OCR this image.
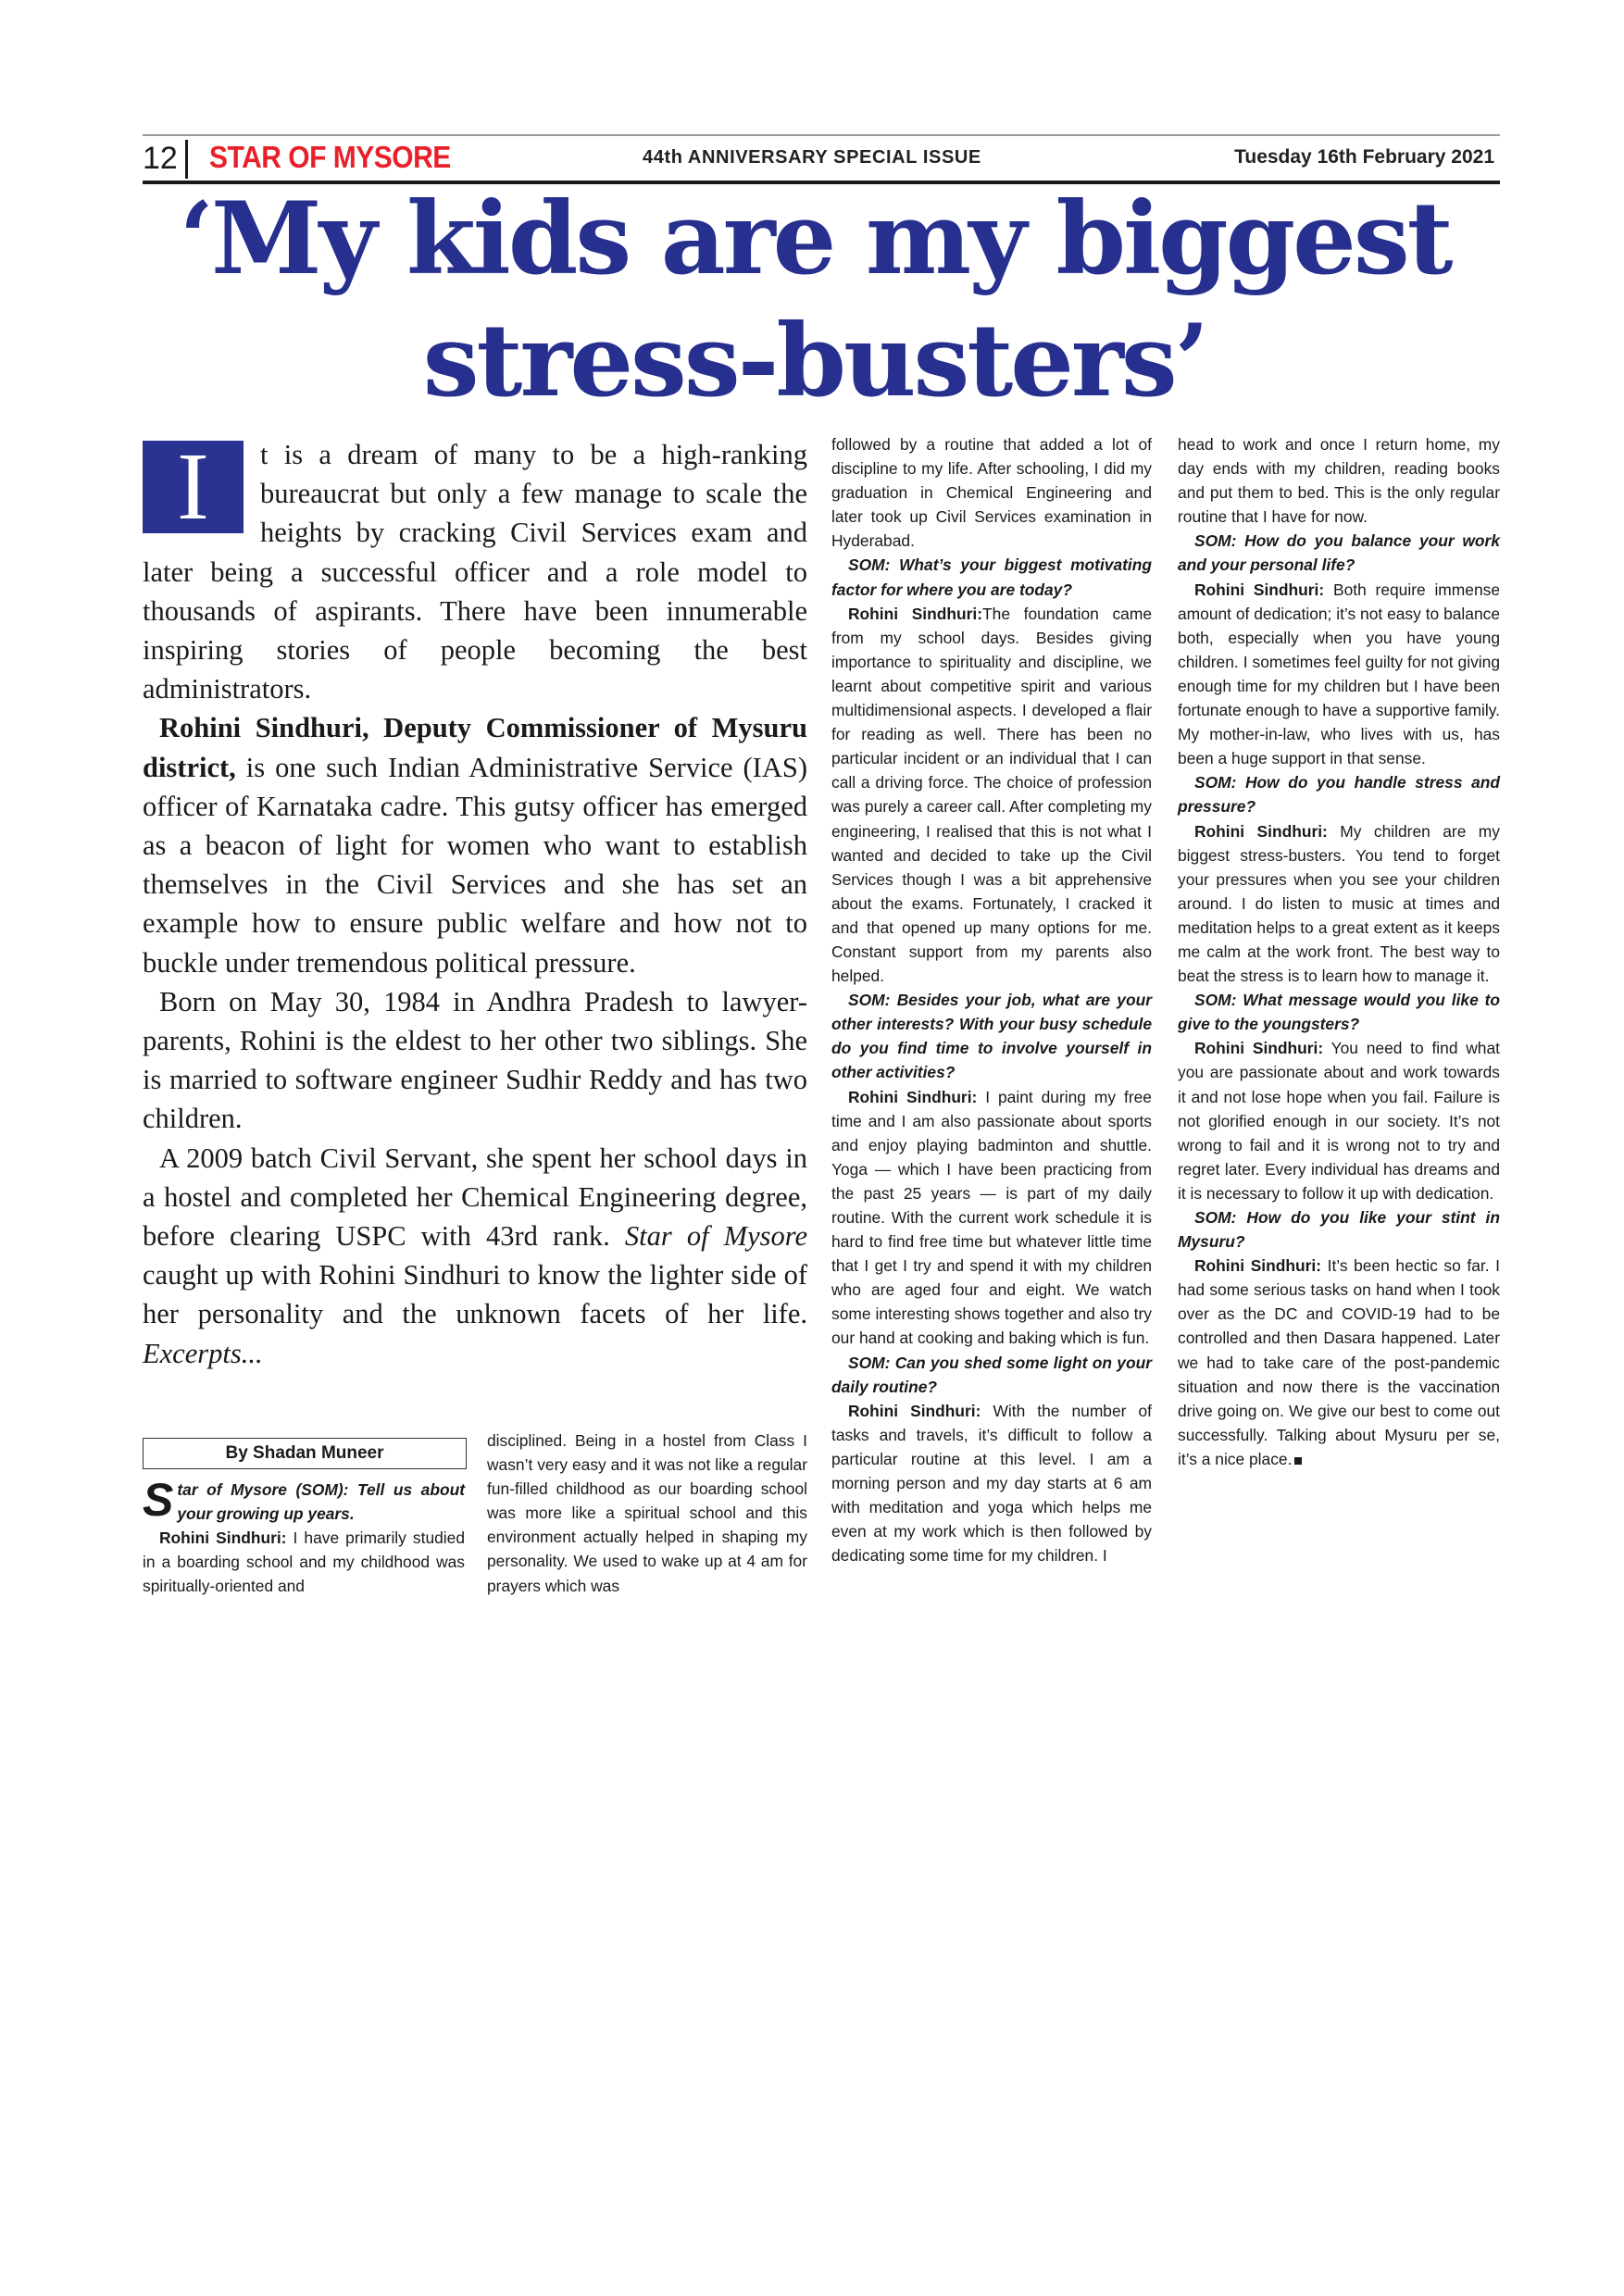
12	STAR OF MYSORE	44th ANNIVERSARY SPECIAL ISSUE	Tuesday 16th February 2021
‘My kids are my biggest
stress-busters’

I	t is a dream of many to be a high-ranking bureaucrat but only a few manage to scale the heights by cracking Civil Services exam and later being a successful officer and a role model to thousands of aspirants. There have been innumerable inspiring stories of people becoming the best administrators.

Rohini Sindhuri, Deputy Commissioner of Mysuru district, is one such Indian Administrative Service (IAS) officer of Karnataka cadre. This gutsy officer has emerged as a beacon of light for women who want to establish themselves in the Civil Services and she has set an example how to ensure public welfare and how not to buckle under tremendous political pressure.

Born on May 30, 1984 in Andhra Pradesh to lawyer-parents, Rohini is the eldest to her other two siblings. She is married to software engineer Sudhir Reddy and has two children.

A 2009 batch Civil Servant, she spent her school days in a hostel and completed her Chemical Engineering degree, before clearing USPC with 43rd rank. Star of Mysore caught up with Rohini Sindhuri to know the lighter side of her personality and the unknown facets of her life. Excerpts...

By Shadan Muneer

Star of Mysore (SOM): Tell us about your growing up years.

Rohini Sindhuri: I have primarily studied in a boarding school and my childhood was spiritually-oriented and

disciplined. Being in a hostel from Class I wasn’t very easy and it was not like a regular fun-filled childhood as our boarding school was more like a spiritual school and this environment actually helped in shaping my personality. We used to wake up at 4 am for prayers which was

followed by a routine that added a lot of discipline to my life. After schooling, I did my graduation in Chemical Engineering and later took up Civil Services examination in Hyderabad.

SOM: What’s your biggest motivating factor for where you are today?

Rohini Sindhuri:The foundation came from my school days. Besides giving importance to spirituality and discipline, we learnt about competitive spirit and various multidimensional aspects. I developed a flair for reading as well. There has been no particular incident or an individual that I can call a driving force. The choice of profession was purely a career call. After completing my engineering, I realised that this is not what I wanted and decided to take up the Civil Services though I was a bit apprehensive about the exams. Fortunately, I cracked it and that opened up many options for me. Constant support from my parents also helped.

SOM: Besides your job, what are your other interests? With your busy schedule do you find time to involve yourself in other activities?

Rohini Sindhuri: I paint during my free time and I am also passionate about sports and enjoy playing badminton and shuttle. Yoga — which I have been practicing from the past 25 years — is part of my daily routine. With the current work schedule it is hard to find free time but whatever little time that I get I try and spend it with my children who are aged four and eight. We watch some interesting shows together and also try our hand at cooking and baking which is fun.

SOM: Can you shed some light on your daily routine?

Rohini Sindhuri: With the number of tasks and travels, it’s difficult to follow a particular routine at this level. I am a morning person and my day starts at 6 am with meditation and yoga which helps me even at my work which is then followed by dedicating some time for my children. I

head to work and once I return home, my day ends with my children, reading books and put them to bed. This is the only regular routine that I have for now.

SOM: How do you balance your work and your personal life?

Rohini Sindhuri: Both require immense amount of dedication; it’s not easy to balance both, especially when you have young children. I sometimes feel guilty for not giving enough time for my children but I have been fortunate enough to have a supportive family. My mother-in-law, who lives with us, has been a huge support in that sense.

SOM: How do you handle stress and pressure?

Rohini Sindhuri: My children are my biggest stress-busters. You tend to forget your pressures when you see your children around. I do listen to music at times and meditation helps to a great extent as it keeps me calm at the work front. The best way to beat the stress is to learn how to manage it.

SOM: What message would you like to give to the youngsters?

Rohini Sindhuri: You need to find what you are passionate about and work towards it and not lose hope when you fail. Failure is not glorified enough in our society. It’s not wrong to fail and it is wrong not to try and regret later. Every individual has dreams and it is necessary to follow it up with dedication.

SOM: How do you like your stint in Mysuru?

Rohini Sindhuri: It’s been hectic so far. I had some serious tasks on hand when I took over as the DC and COVID-19 had to be controlled and then Dasara happened. Later we had to take care of the post-pandemic situation and now there is the vaccination drive going on. We give our best to come out successfully. Talking about Mysuru per se, it’s a nice place.
